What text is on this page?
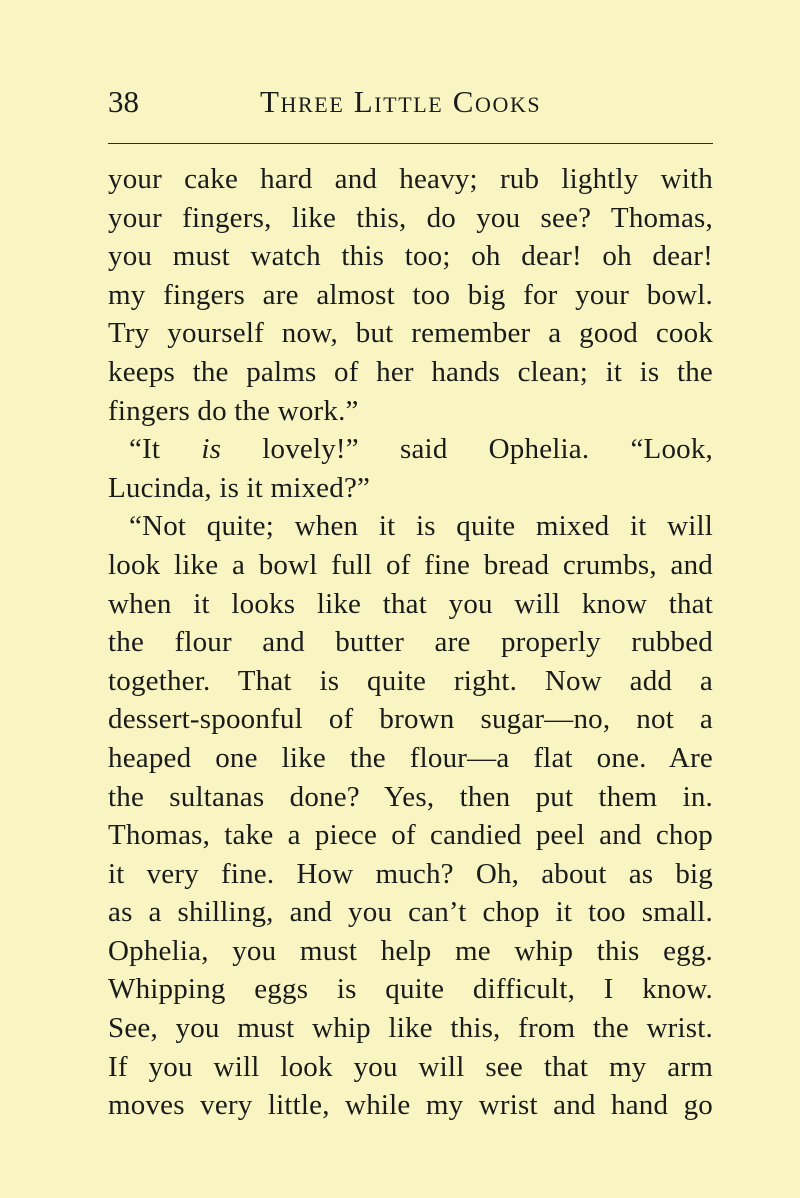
38	Three Little Cooks
your cake hard and heavy; rub lightly with
your fingers, like this, do you see? Thomas,
you must watch this too; oh dear! oh dear!
my fingers are almost too big for your bowl.
Try yourself now, but remember a good cook
keeps the palms of her hands clean; it is the
fingers do the work.”
“It is lovely!” said Ophelia. “Look,
Lucinda, is it mixed?”
“Not quite; when it is quite mixed it will
look like a bowl full of fine bread crumbs, and
when it looks like that you will know that
the flour and butter are properly rubbed
together. That is quite right. Now add a
dessert-spoonful of brown sugar—no, not a
heaped one like the flour—a flat one. Are
the sultanas done? Yes, then put them in.
Thomas, take a piece of candied peel and chop
it very fine. How much? Oh, about as big
as a shilling, and you can’t chop it too small.
Ophelia, you must help me whip this egg.
Whipping eggs is quite difficult, I know.
See, you must whip like this, from the wrist.
If you will look you will see that my arm
moves very little, while my wrist and hand go
